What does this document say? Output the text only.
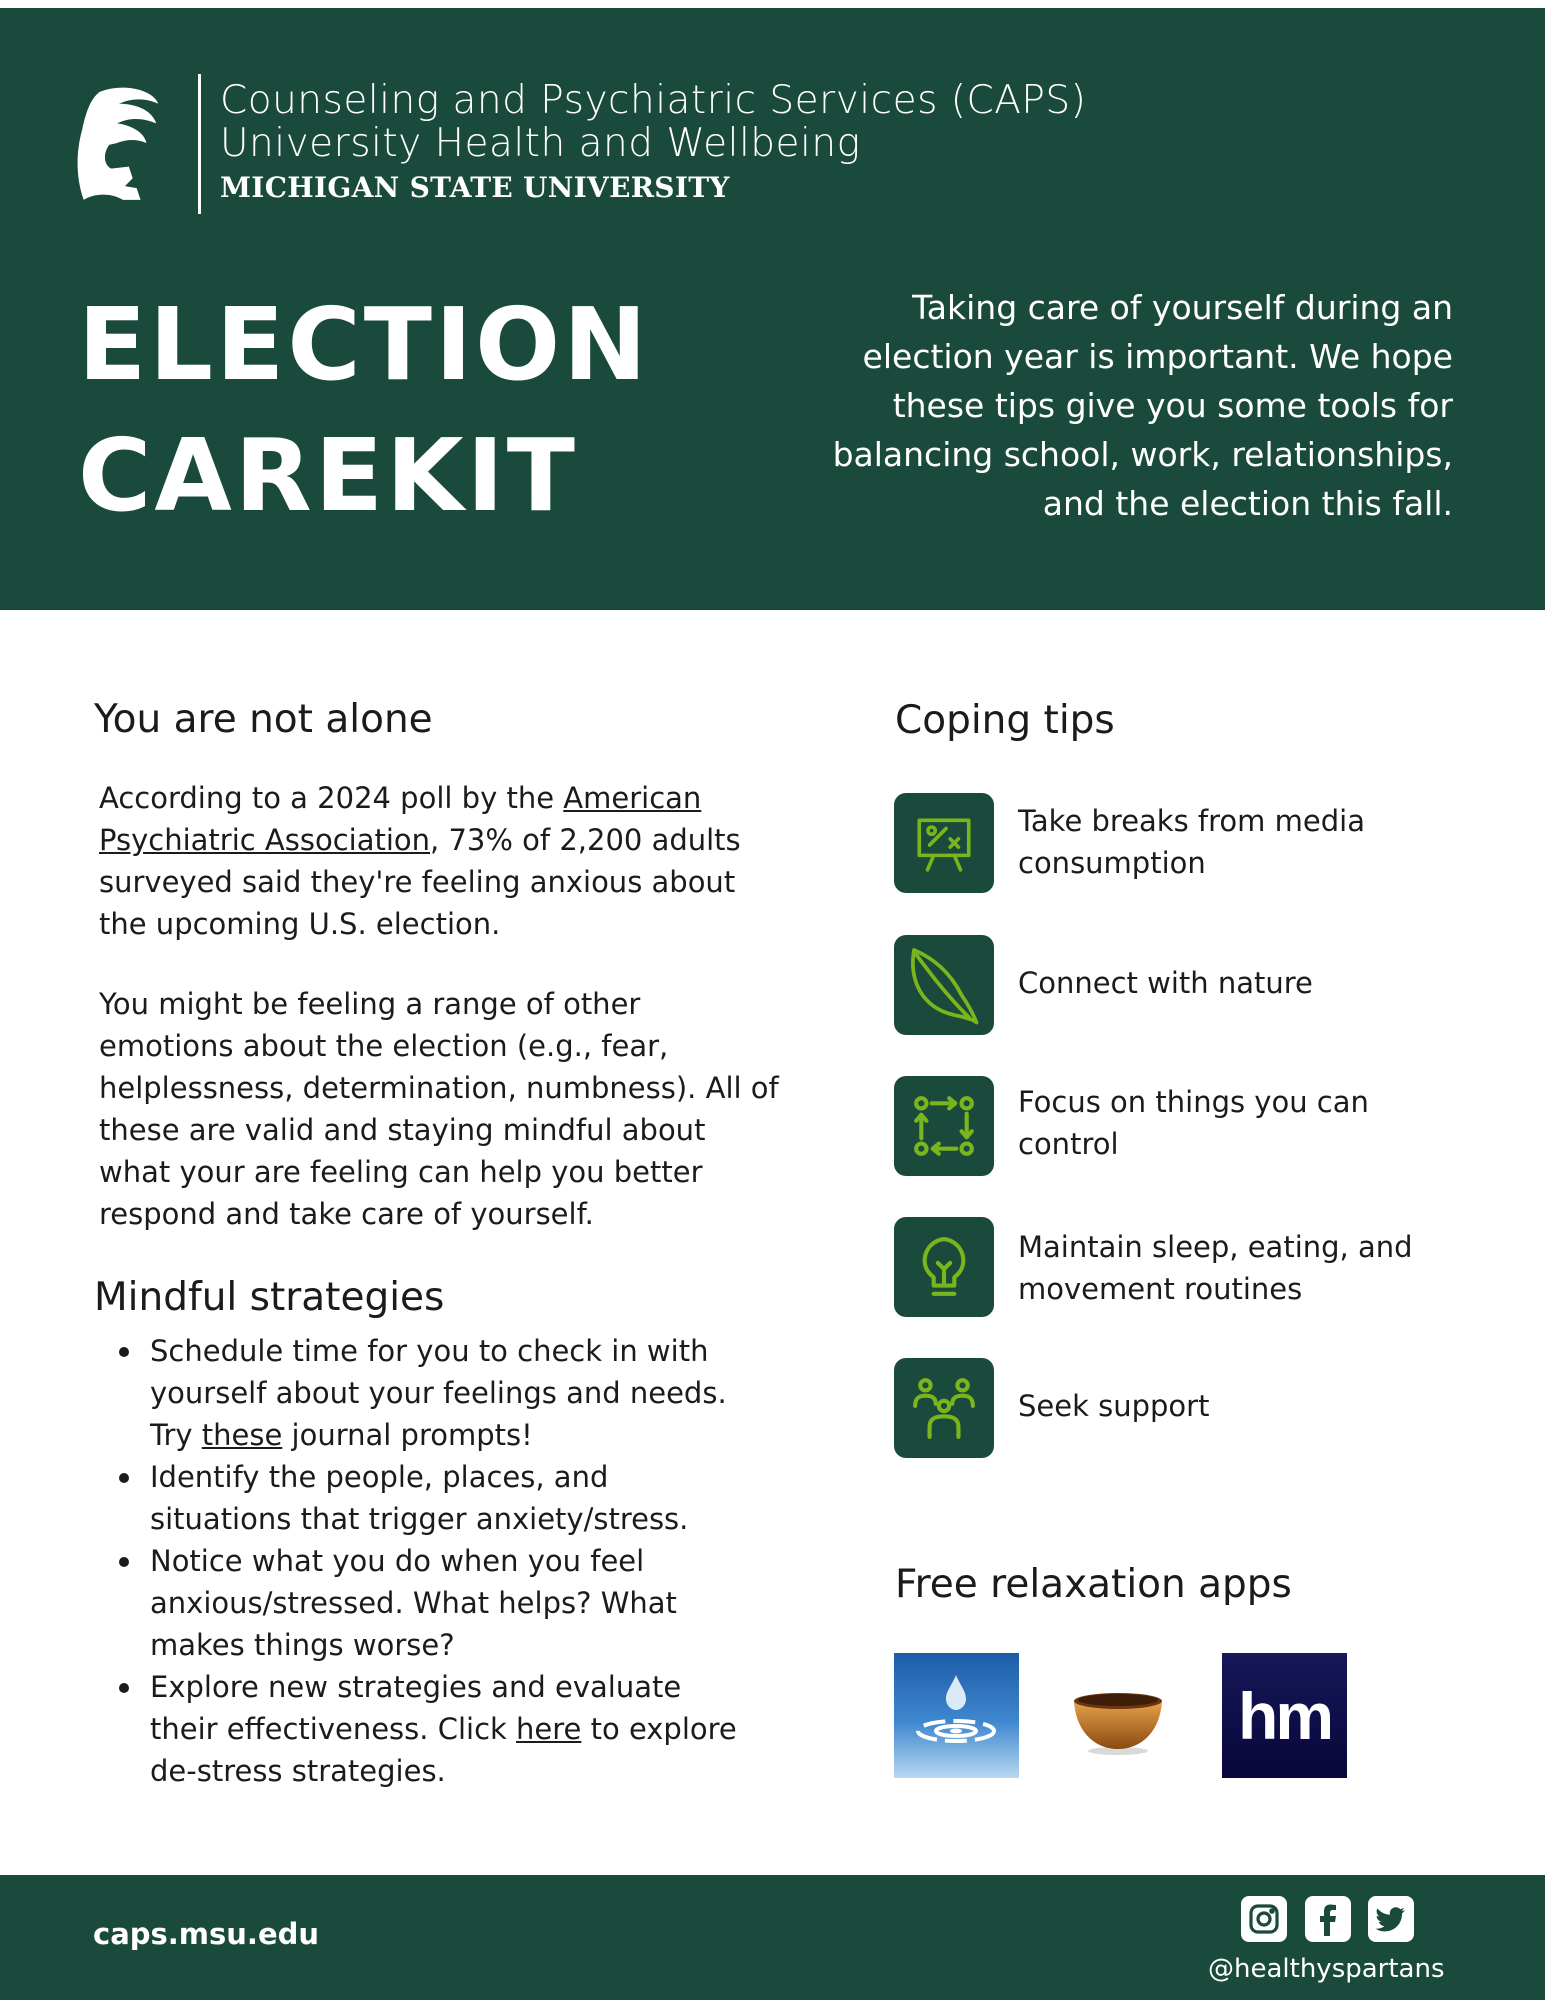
Counseling and Psychiatric Services (CAPS)
University Health and Wellbeing
MICHIGAN STATE UNIVERSITY
ELECTION
CAREKIT
Taking care of yourself during an
election year is important. We hope
these tips give you some tools for
balancing school, work, relationships,
and the election this fall.
You are not alone

According to a 2024 poll by the American Psychiatric Association, 73% of 2,200 adults surveyed said they're feeling anxious about the upcoming U.S. election.

You might be feeling a range of other emotions about the election (e.g., fear, helplessness, determination, numbness). All of these are valid and staying mindful about what your are feeling can help you better respond and take care of yourself.

Mindful strategies
Schedule time for you to check in with yourself about your feelings and needs. Try these journal prompts!
Identify the people, places, and situations that trigger anxiety/stress.
Notice what you do when you feel anxious/stressed. What helps? What makes things worse?
Explore new strategies and evaluate their effectiveness. Click here to explore de-stress strategies.
Coping tips
Take breaks from media consumption
Connect with nature
Focus on things you can control
Maintain sleep, eating, and movement routines
Seek support
Free relaxation apps
hm
caps.msu.edu
@healthyspartans
